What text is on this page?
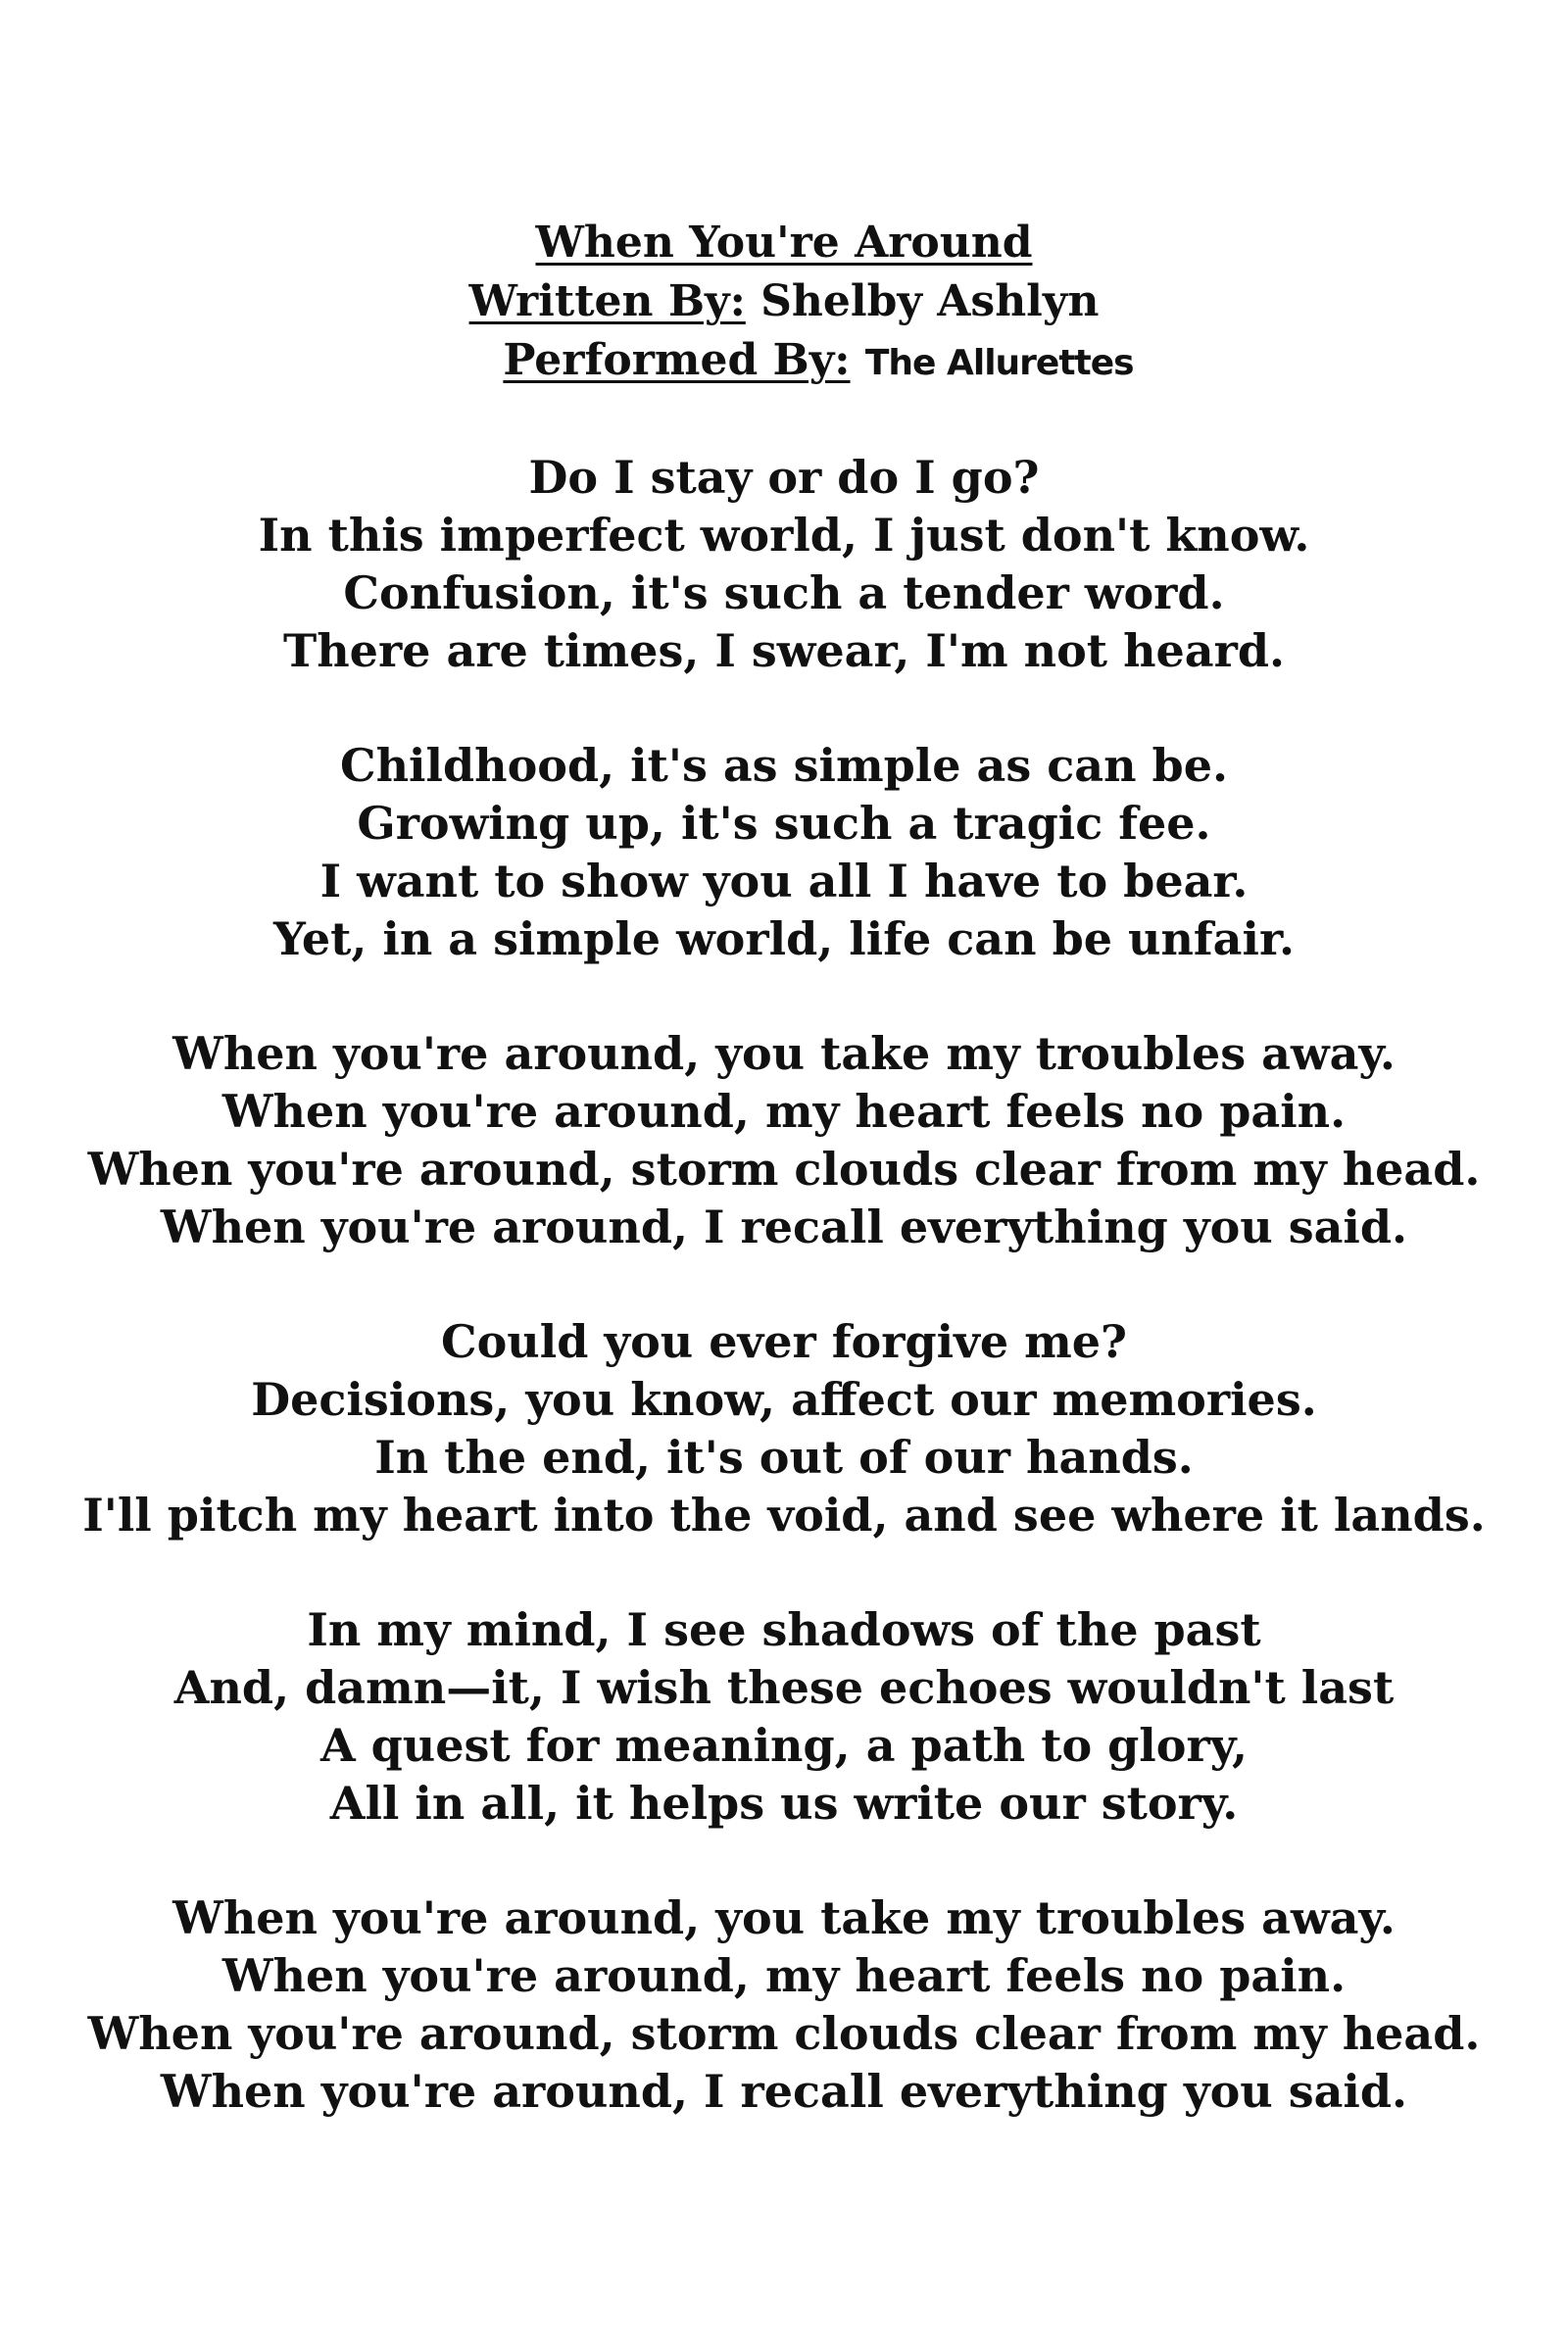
When You're Around
Written By: Shelby Ashlyn
Performed By: The Allurettes
Do I stay or do I go?
In this imperfect world, I just don't know.
Confusion, it's such a tender word.
There are times, I swear, I'm not heard.
Childhood, it's as simple as can be.
Growing up, it's such a tragic fee.
I want to show you all I have to bear.
Yet, in a simple world, life can be unfair.
When you're around, you take my troubles away.
When you're around, my heart feels no pain.
When you're around, storm clouds clear from my head.
When you're around, I recall everything you said.
Could you ever forgive me?
Decisions, you know, affect our memories.
In the end, it's out of our hands.
I'll pitch my heart into the void, and see where it lands.
In my mind, I see shadows of the past
And, damn—it, I wish these echoes wouldn't last
A quest for meaning, a path to glory,
All in all, it helps us write our story.
When you're around, you take my troubles away.
When you're around, my heart feels no pain.
When you're around, storm clouds clear from my head.
When you're around, I recall everything you said.
